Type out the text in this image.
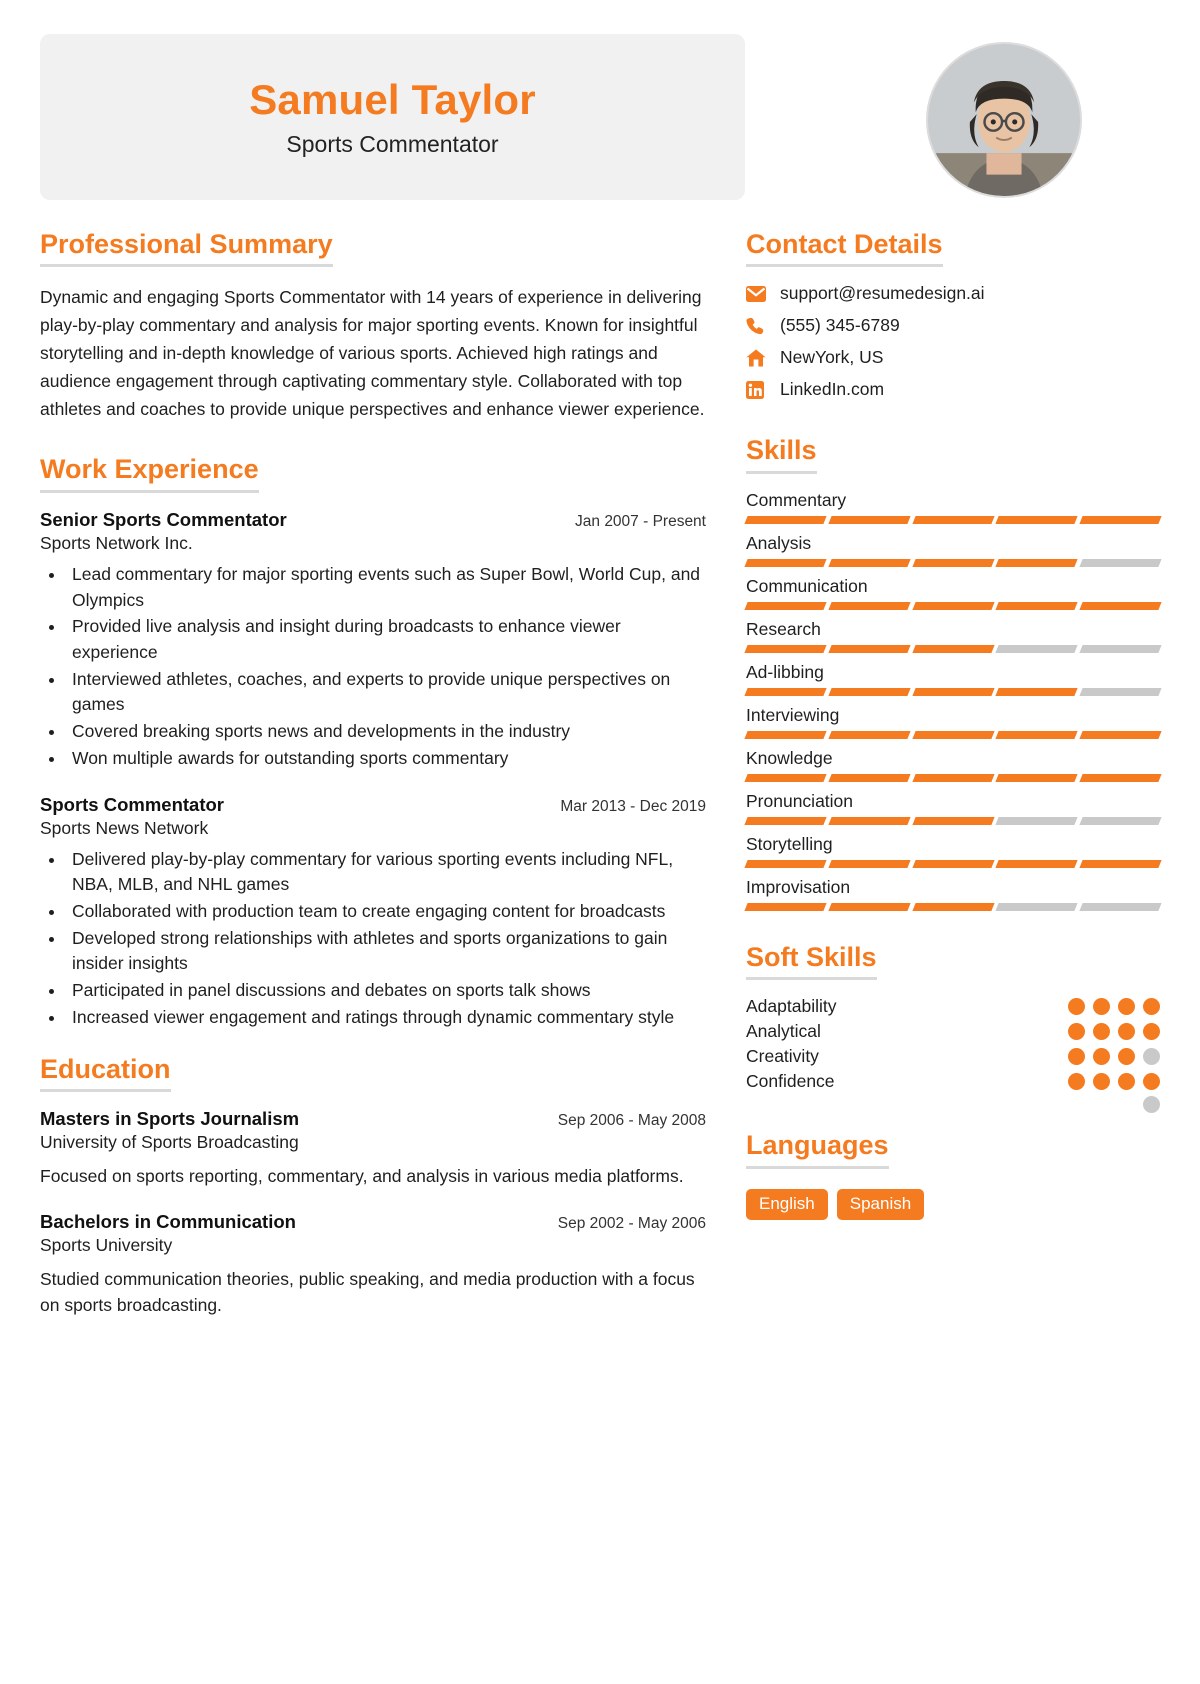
Samuel Taylor
Sports Commentator
Professional Summary

Dynamic and engaging Sports Commentator with 14 years of experience in delivering play-by-play commentary and analysis for major sporting events. Known for insightful storytelling and in-depth knowledge of various sports. Achieved high ratings and audience engagement through captivating commentary style. Collaborated with top athletes and coaches to provide unique perspectives and enhance viewer experience.

Work Experience
Senior Sports Commentator	Jan 2007 - Present
Sports Network Inc.
• Lead commentary for major sporting events such as Super Bowl, World Cup, and Olympics
• Provided live analysis and insight during broadcasts to enhance viewer experience
• Interviewed athletes, coaches, and experts to provide unique perspectives on games
• Covered breaking sports news and developments in the industry
• Won multiple awards for outstanding sports commentary
Sports Commentator	Mar 2013 - Dec 2019
Sports News Network
• Delivered play-by-play commentary for various sporting events including NFL, NBA, MLB, and NHL games
• Collaborated with production team to create engaging content for broadcasts
• Developed strong relationships with athletes and sports organizations to gain insider insights
• Participated in panel discussions and debates on sports talk shows
• Increased viewer engagement and ratings through dynamic commentary style
Education
Masters in Sports Journalism	Sep 2006 - May 2008
University of Sports Broadcasting
Focused on sports reporting, commentary, and analysis in various media platforms.
Bachelors in Communication	Sep 2002 - May 2006
Sports University
Studied communication theories, public speaking, and media production with a focus on sports broadcasting.
Contact Details
support@resumedesign.ai
(555) 345-6789
NewYork, US
LinkedIn.com
Skills
Commentary
Analysis
Communication
Research
Ad-libbing
Interviewing
Knowledge
Pronunciation
Storytelling
Improvisation
Soft Skills
Adaptability
Analytical
Creativity
Confidence
Languages
English	Spanish
